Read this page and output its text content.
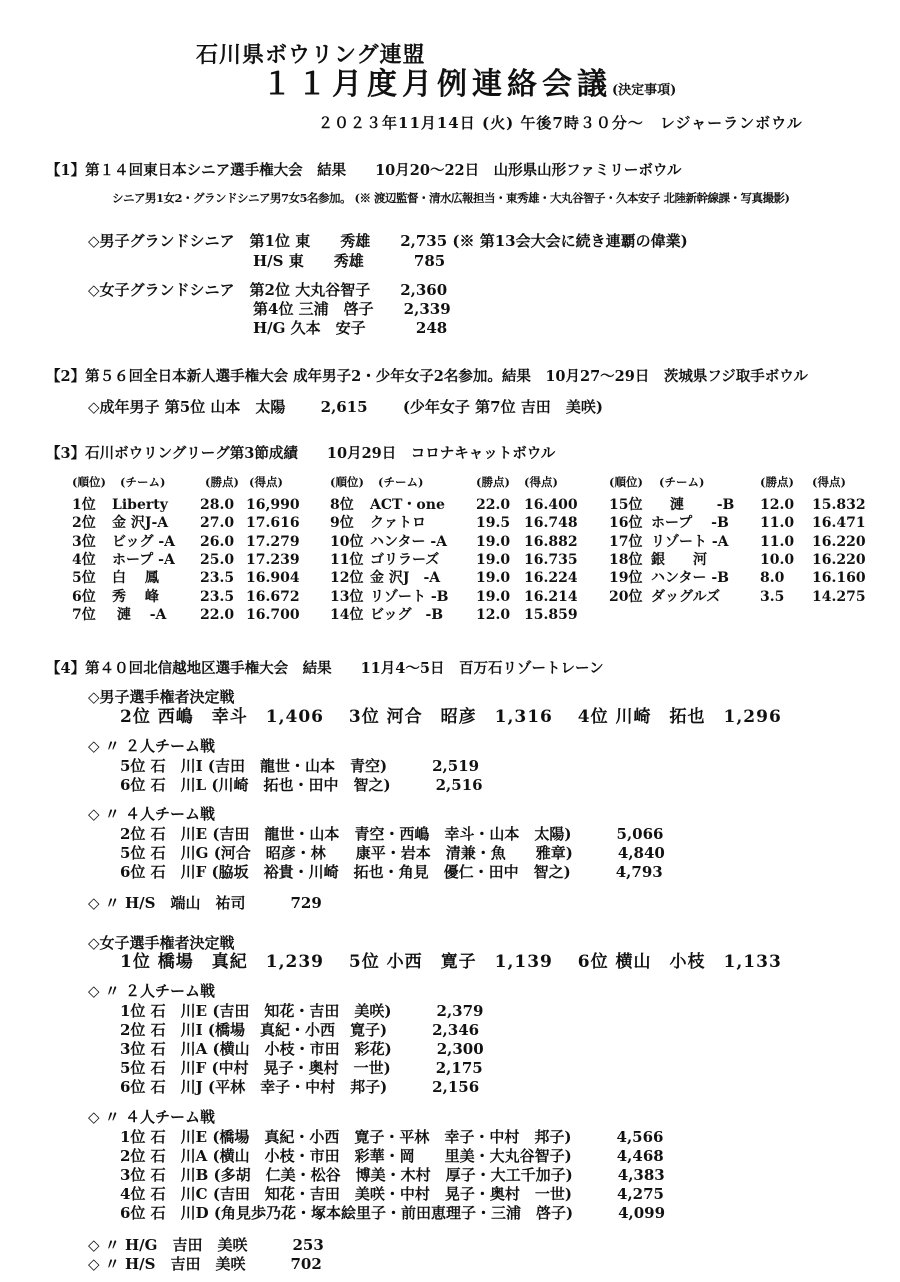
石川県ボウリング連盟
１１月度月例連絡会議(決定事項)
２０２３年11月14日 (火) 午後7時３０分～　レジャーランボウル
【1】第１４回東日本シニア選手権大会　結果　　10月20～22日　山形県山形ファミリーボウル
シニア男1女2・グランドシニア男7女5名参加。 (※ 渡辺監督・清水広報担当・東秀雄・大丸谷智子・久本安子 北陸新幹線課・写真撮影)
◇男子グランドシニア　第1位 東　　秀雄　　2,735 (※ 第13会大会に続き連覇の偉業)
　　　　　　　　　　　H/S 東　　秀雄　　　 785
◇女子グランドシニア　第2位 大丸谷智子　　2,360
　　　　　　　　　　　第4位 三浦　啓子　　2,339
　　　　　　　　　　　H/G 久本　安子　　　 248
【2】第５６回全日本新人選手権大会 成年男子2・少年女子2名参加。結果　10月27～29日　茨城県フジ取手ボウル
◇成年男子 第5位 山本　太陽　　 2,615　　 (少年女子 第7位 吉田　美咲)
【3】石川ボウリングリーグ第3節成績　　10月29日　コロナキャットボウル
(順位) (チーム)	(勝点) (得点)	(順位) (チーム)	(勝点) (得点)	(順位) (チーム)	(勝点) (得点)
1位 Liberty 28.0 16,990
2位 金 沢J-A 27.0 17.616
3位 ビッグ -A 26.0 17.279
4位 ホープ -A 25.0 17.239
5位 白　 鳳	23.5 16.904
6位 秀　 峰	23.5 16.672
7位 漣　 -A 22.0 16.700
8位 ACT・one 22.0 16.400
9位 クァトロ	19.5 16.748
10位 ハンター -A 19.0 16.882
11位 ゴリラーズ	19.0 16.735
12位 金 沢J　-A	19.0 16.224
13位 リゾート -B 19.0 16.214
14位 ビッグ　-B 12.0 15.859
15位 　 漣　　 -B 12.0 15.832
16位 ホープ　 -B 11.0 16.471
17位 リゾート -A 11.0 16.220
18位 銀　　河	10.0 16.220
19位 ハンター -B 8.0 16.160
20位 ダッグルズ	3.5 14.275
【4】第４０回北信越地区選手権大会　結果　　11月4～5日　百万石リゾートレーン
◇男子選手権者決定戦
2位 西嶋　幸斗　1,406　 3位 河合　昭彦　1,316　 4位 川崎　拓也　1,296
◇ 〃 ２人チーム戦
5位 石　川I (吉田　龍世・山本　青空)　　　2,519
6位 石　川L (川崎　拓也・田中　智之)　　　2,516
◇ 〃 ４人チーム戦
2位 石　川E (吉田　龍世・山本　青空・西嶋　幸斗・山本　太陽)　　　5,066
5位 石　川G (河合　昭彦・林　　康平・岩本　清兼・魚　　雅章)　　　4,840
6位 石　川F (脇坂　裕貴・川崎　拓也・角見　優仁・田中　智之)　　　4,793
◇ 〃 H/S　端山　祐司　　　729
◇女子選手権者決定戦
1位 橋場　真紀　1,239　 5位 小西　寛子　1,139　 6位 横山　小枝　1,133
◇ 〃 ２人チーム戦
1位 石　川E (吉田　知花・吉田　美咲)　　　2,379
2位 石　川I (橋場　真紀・小西　寛子)　　　2,346
3位 石　川A (横山　小枝・市田　彩花)　　　2,300
5位 石　川F (中村　晃子・奥村　一世)　　　2,175
6位 石　川J (平林　幸子・中村　邦子)　　　2,156
◇ 〃 ４人チーム戦
1位 石　川E (橋場　真紀・小西　寛子・平林　幸子・中村　邦子)　　　4,566
2位 石　川A (横山　小枝・市田　彩華・岡　　里美・大丸谷智子)　　　4,468
3位 石　川B (多胡　仁美・松谷　博美・木村　厚子・大工千加子)　　　4,383
4位 石　川C (吉田　知花・吉田　美咲・中村　晃子・奥村　一世)　　　4,275
6位 石　川D (角見歩乃花・塚本絵里子・前田恵理子・三浦　啓子)　　　4,099
◇ 〃 H/G　吉田　美咲　　　253
◇ 〃 H/S　吉田　美咲　　　702
